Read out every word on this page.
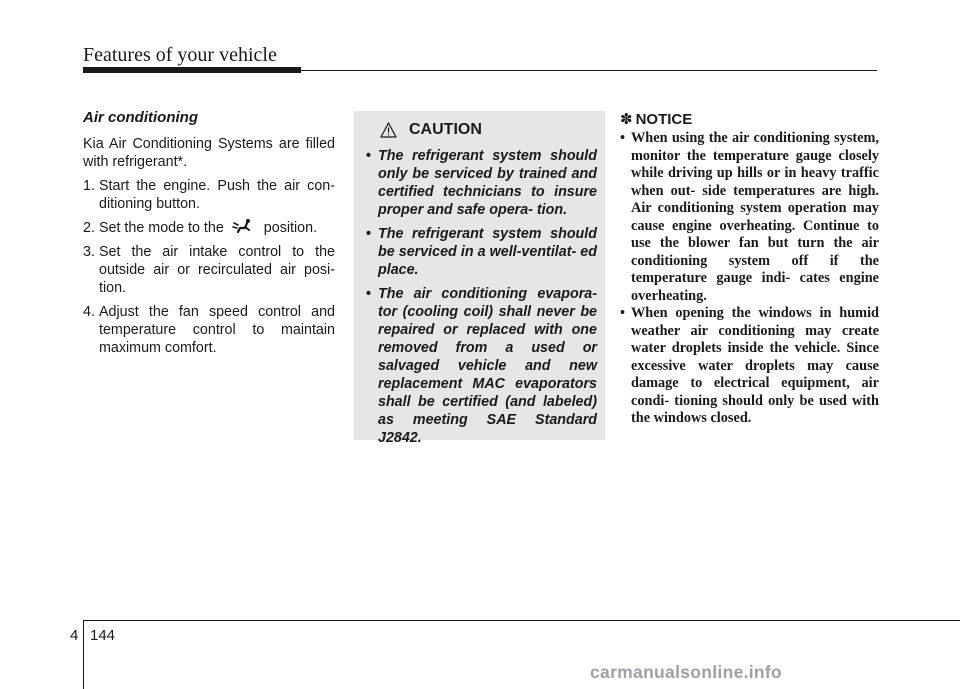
Features of your vehicle
Air conditioning

Kia Air Conditioning Systems are filled with refrigerant*.

1. Start the engine. Push the air con- ditioning button.
2. Set the mode to the	position.
3. Set the air intake control to the outside air or recirculated air posi- tion.
4. Adjust the fan speed control and temperature control to maintain maximum comfort.
CAUTION
• The refrigerant system should only be serviced by trained and certified technicians to insure proper and safe opera- tion.
• The refrigerant system should be serviced in a well-ventilat- ed place.
• The air conditioning evapora- tor (cooling coil) shall never be repaired or replaced with one removed from a used or salvaged vehicle and new replacement MAC evaporators shall be certified (and labeled) as meeting SAE Standard J2842.
✽ NOTICE
• When using the air conditioning system, monitor the temperature gauge closely while driving up hills or in heavy traffic when out- side temperatures are high. Air conditioning system operation may cause engine overheating. Continue to use the blower fan but turn the air conditioning system off if the temperature gauge indi- cates engine overheating.
• When opening the windows in humid weather air conditioning may create water droplets inside the vehicle. Since excessive water droplets may cause damage to electrical equipment, air condi- tioning should only be used with the windows closed.
4 144
carmanualsonline.info
